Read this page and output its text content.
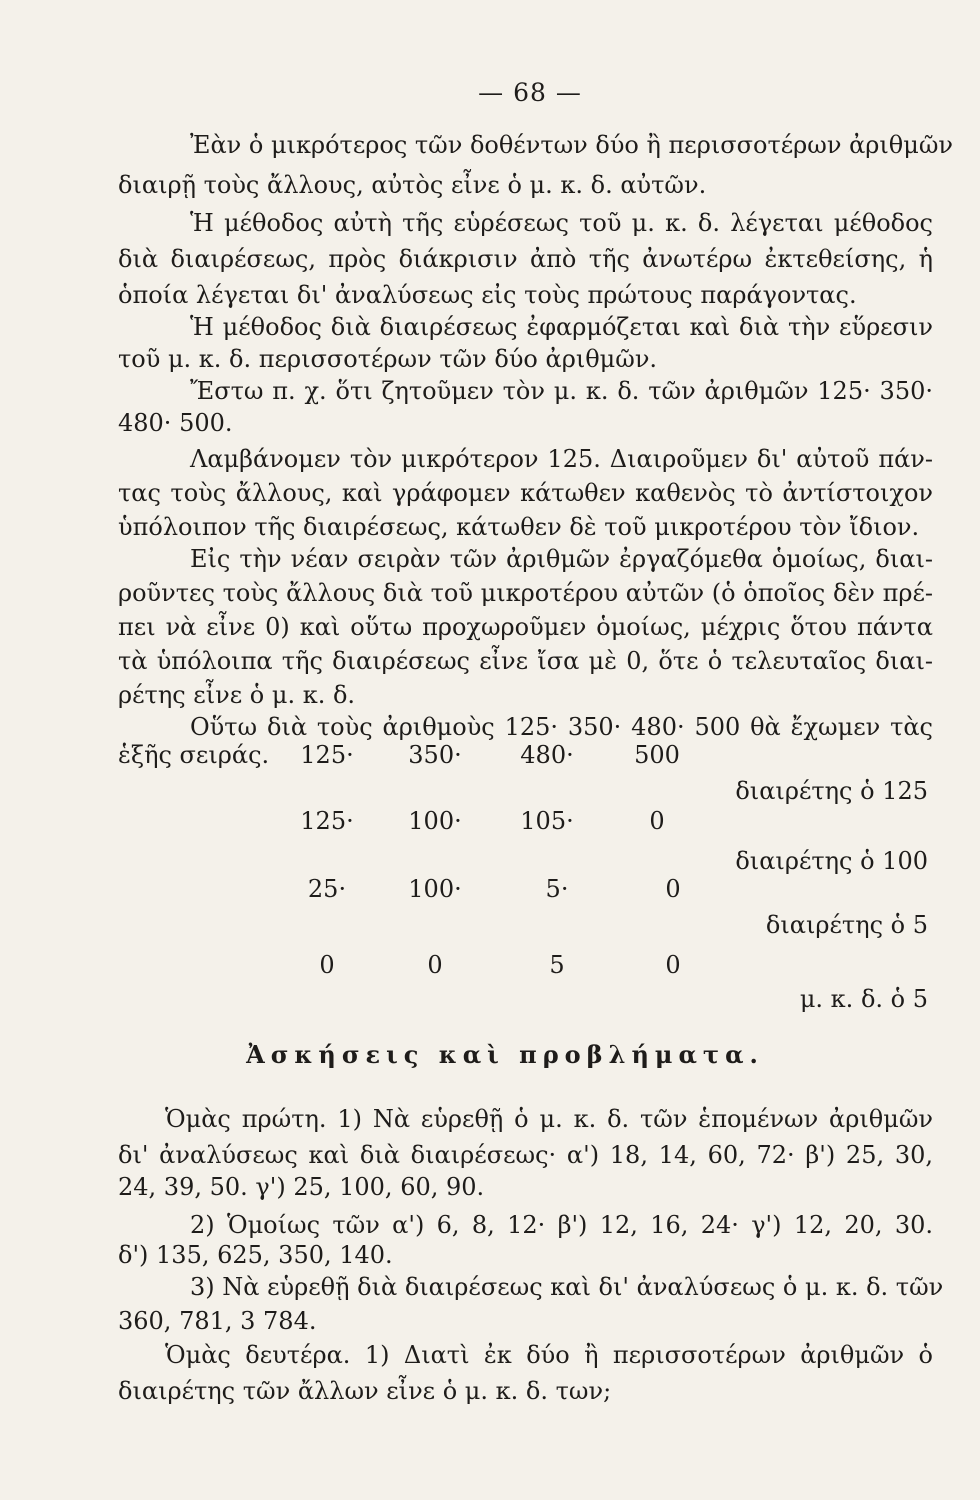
— 68 —
Ἐὰν ὁ μικρότερος τῶν δοθέντων δύο ἢ περισσοτέρων ἀριθμῶν
διαιρῇ τοὺς ἄλλους, αὐτὸς εἶνε ὁ μ. κ. δ. αὐτῶν.
Ἡ μέθοδος αὐτὴ τῆς εὑρέσεως τοῦ μ. κ. δ. λέγεται μέθοδος
διὰ διαιρέσεως, πρὸς διάκρισιν ἀπὸ τῆς ἀνωτέρω ἐκτεθείσης, ἡ
ὁποία λέγεται δι' ἀναλύσεως εἰς τοὺς πρώτους παράγοντας.
Ἡ μέθοδος διὰ διαιρέσεως ἐφαρμόζεται καὶ διὰ τὴν εὕρεσιν
τοῦ μ. κ. δ. περισσοτέρων τῶν δύο ἀριθμῶν.
Ἔστω π. χ. ὅτι ζητοῦμεν τὸν μ. κ. δ. τῶν ἀριθμῶν 125· 350·
480· 500.
Λαμβάνομεν τὸν μικρότερον 125. Διαιροῦμεν δι' αὐτοῦ πάν-
τας τοὺς ἄλλους, καὶ γράφομεν κάτωθεν καθενὸς τὸ ἀντίστοιχον
ὑπόλοιπον τῆς διαιρέσεως, κάτωθεν δὲ τοῦ μικροτέρου τὸν ἴδιον.
Εἰς τὴν νέαν σειρὰν τῶν ἀριθμῶν ἐργαζόμεθα ὁμοίως, διαι-
ροῦντες τοὺς ἄλλους διὰ τοῦ μικροτέρου αὐτῶν (ὁ ὁποῖος δὲν πρέ-
πει νὰ εἶνε 0) καὶ οὕτω προχωροῦμεν ὁμοίως, μέχρις ὅτου πάντα
τὰ ὑπόλοιπα τῆς διαιρέσεως εἶνε ἴσα μὲ 0, ὅτε ὁ τελευταῖος διαι-
ρέτης εἶνε ὁ μ. κ. δ.
Οὕτω διὰ τοὺς ἀριθμοὺς 125· 350· 480· 500 θὰ ἔχωμεν τὰς
ἑξῆς σειράς.	125·	350·	480·	500
διαιρέτης ὁ 125
125·	100·	105·	0
διαιρέτης ὁ 100
25·	100·	5·	0
διαιρέτης ὁ 5
0	0	5	0
μ. κ. δ. ὁ 5
Ἀσκήσεις καὶ προβλήματα.
Ὁμὰς πρώτη. 1) Νὰ εὑρεθῇ ὁ μ. κ. δ. τῶν ἑπομένων ἀριθμῶν
δι' ἀναλύσεως καὶ διὰ διαιρέσεως· α') 18, 14, 60, 72· β') 25, 30,
24, 39, 50. γ') 25, 100, 60, 90.
2) Ὁμοίως τῶν α') 6, 8, 12· β') 12, 16, 24· γ') 12, 20, 30.
δ') 135, 625, 350, 140.
3) Νὰ εὑρεθῇ διὰ διαιρέσεως καὶ δι' ἀναλύσεως ὁ μ. κ. δ. τῶν
360, 781, 3 784.
Ὁμὰς δευτέρα. 1) Διατὶ ἐκ δύο ἢ περισσοτέρων ἀριθμῶν ὁ
διαιρέτης τῶν ἄλλων εἶνε ὁ μ. κ. δ. των;
